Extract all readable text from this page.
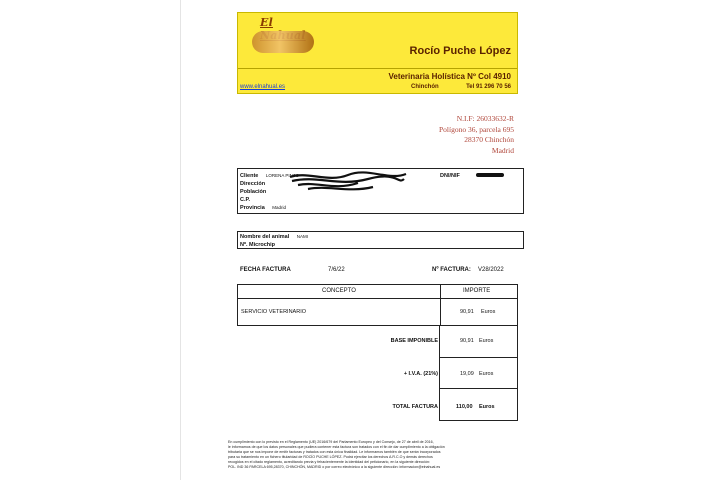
El
Rocío Puche López
Veterinaria Holística Nº Col 4910
www.elnahual.es	Chinchón	Tel 91 296 70 56
N.I.F: 26033632-R
Polígono 36, parcela 695
28370 Chinchón
Madrid
Cliente LORENA PINTO
Dirección
Población
C.P.
Provincia Madrid
DNI/NIF
Nombre del animal NAMI
Nº. Microchip
FECHA FACTURA	7/6/22	Nº FACTURA: V28/2022
CONCEPTO	IMPORTE
SERVICIO VETERINARIO	90,91 Euros
BASE IMPONIBLE	90,91 Euros
+ I.V.A. (21%)	19,09 Euros
TOTAL FACTURA	110,00 Euros
En cumplimiento con lo previsto en el Reglamento (UE) 2016/679 del Parlamento Europeo y del Consejo, de 27 de abril de 2016,
le informamos de que los datos personales que pudiera contener esta factura son tratados con el fin de dar cumplimiento a la obligación
tributaria que se nos impone de emitir facturas y tratados con esta única finalidad. Le informamos también de que serán incorporados
para su tratamiento en un fichero titularidad de ROCÍO PUCHE LÓPEZ. Podrá ejercitar los derechos A.R.C.O y demás derechos
recogidos en el citado reglamento, acreditando previa y fehacientemente la identidad del peticionario, en la siguiente dirección:
POL. IND 36 PARCELA 695,28370, CHINCHÓN, MADRID o por correo electrónico a la siguiente dirección: informacion@elnahual.es
